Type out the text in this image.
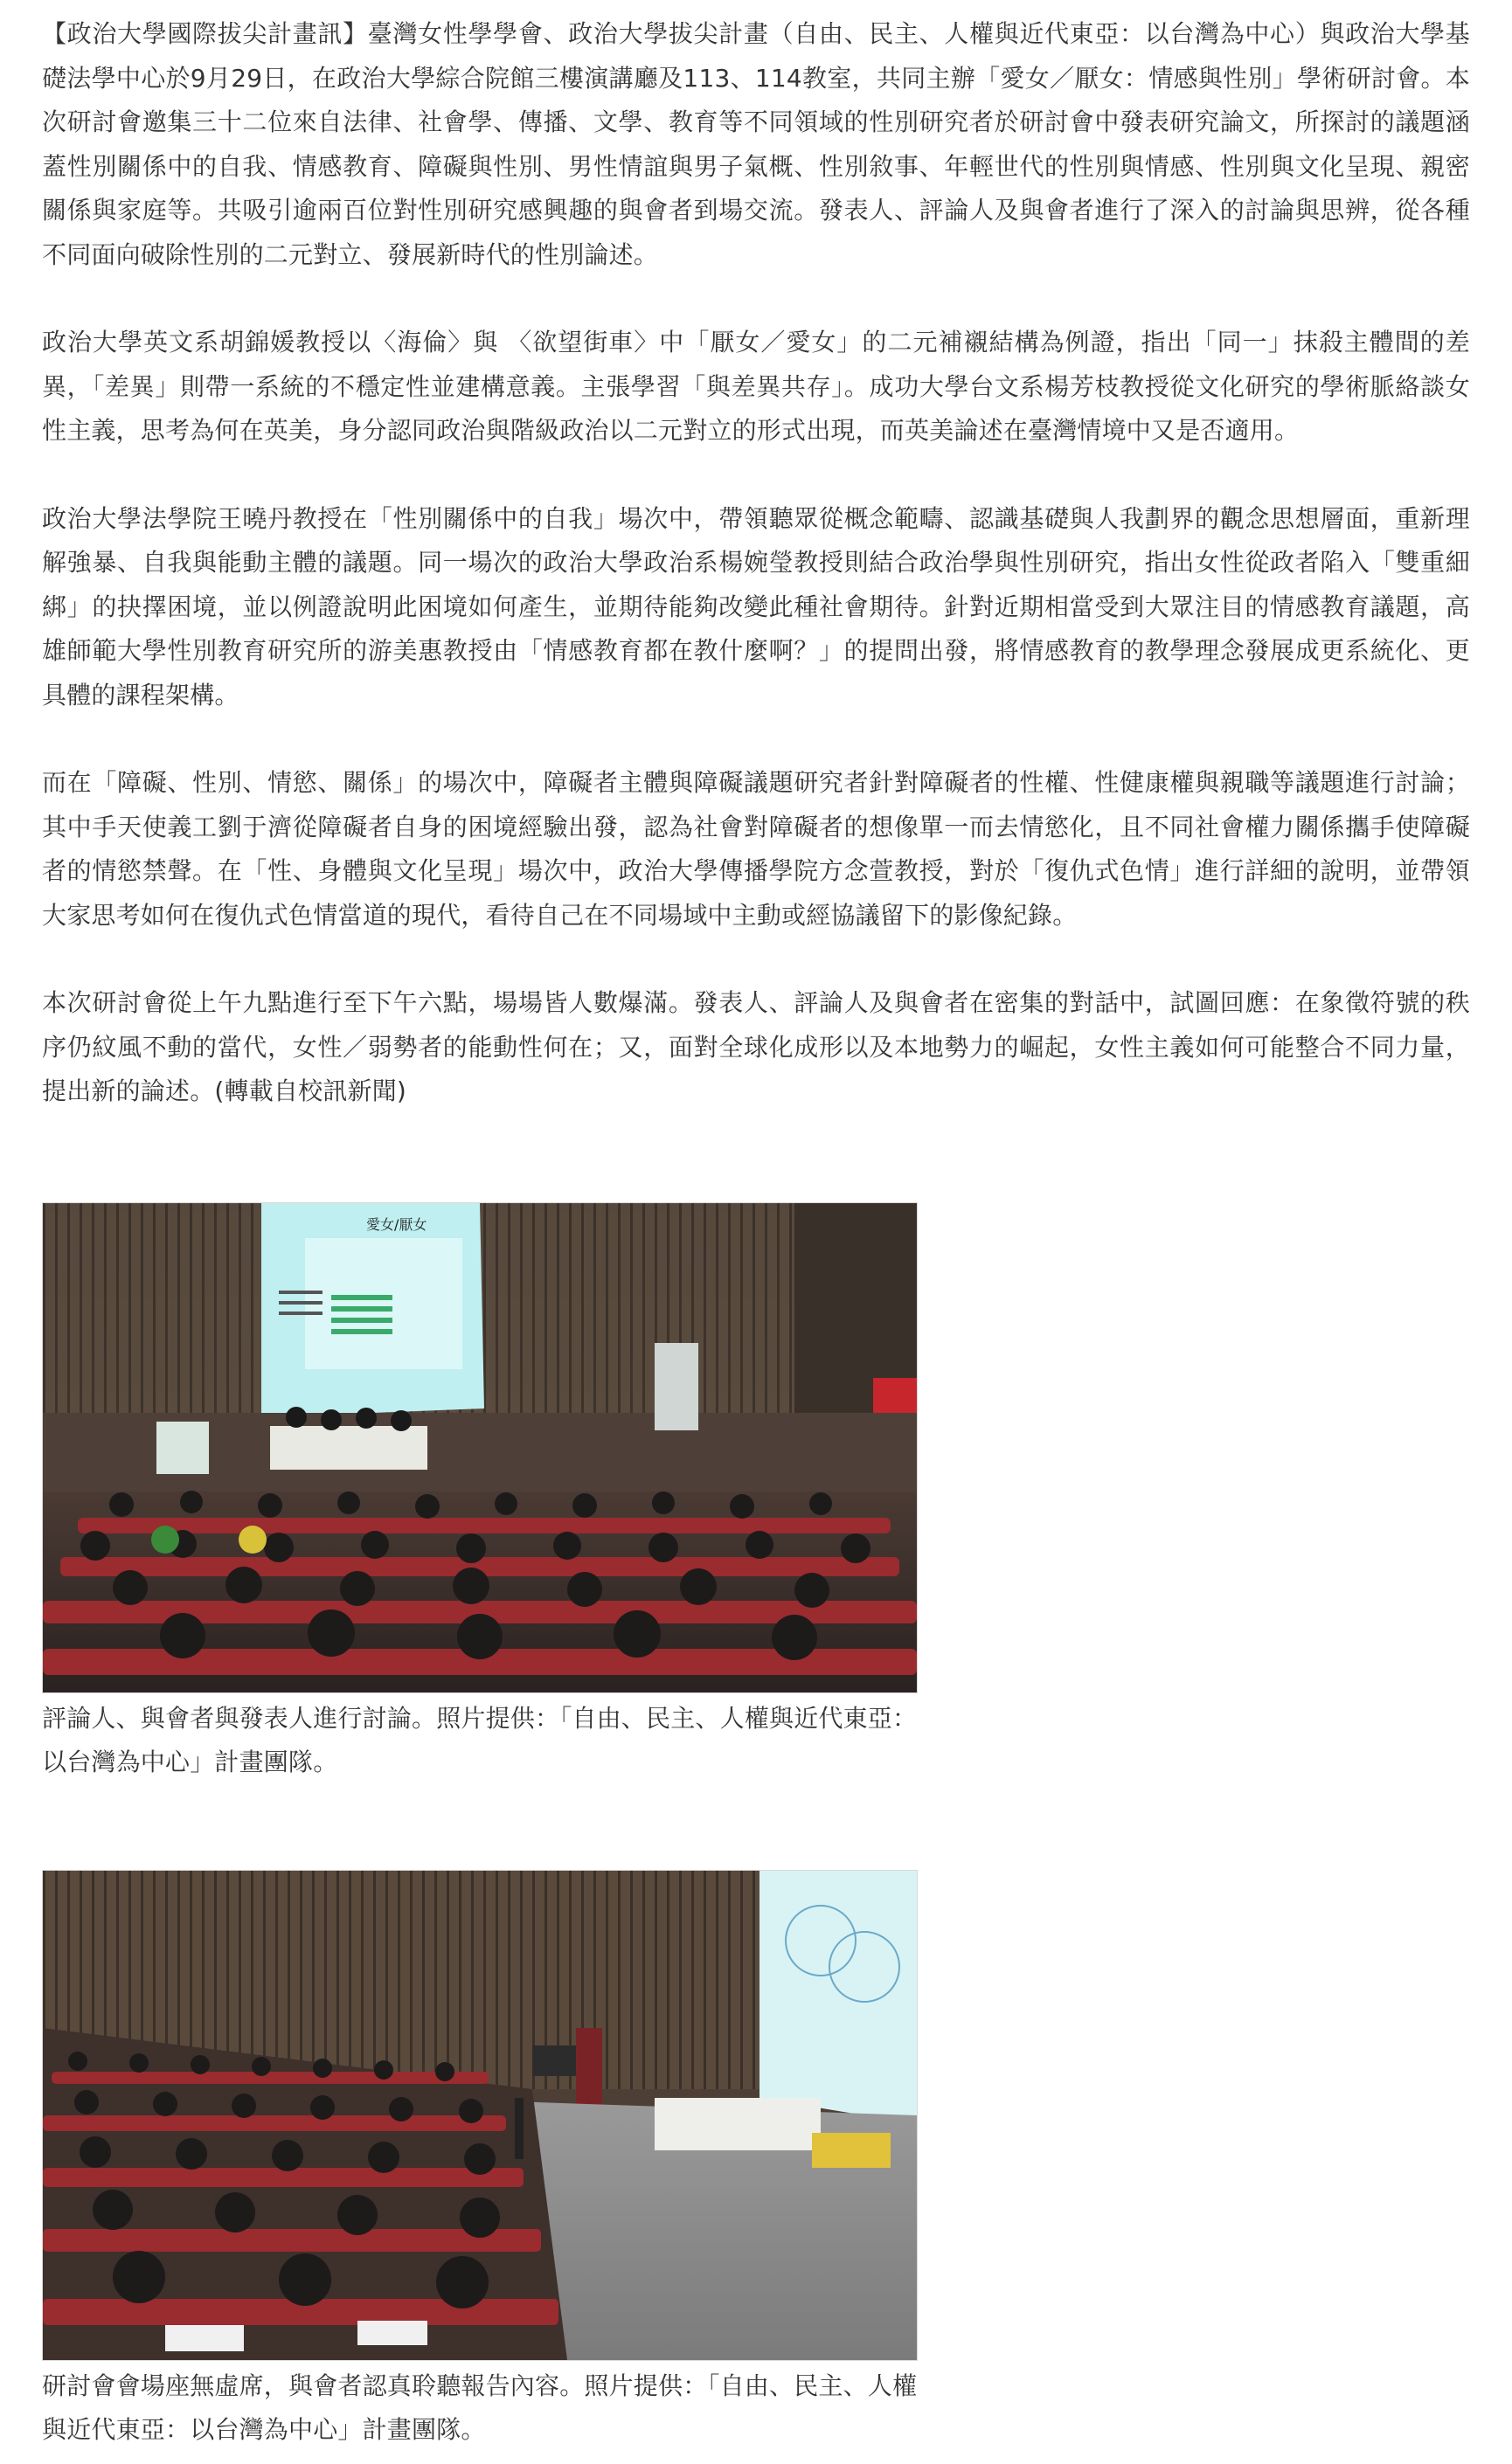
【政治大學國際拔尖計畫訊】臺灣女性學學會、政治大學拔尖計畫（自由、民主、人權與近代東亞：以台灣為中心）與政治大學基礎法學中心於9月29日，在政治大學綜合院館三樓演講廳及113、114教室，共同主辦「愛女／厭女：情感與性別」學術研討會。本次研討會邀集三十二位來自法律、社會學、傳播、文學、教育等不同領域的性別研究者於研討會中發表研究論文，所探討的議題涵蓋性別關係中的自我、情感教育、障礙與性別、男性情誼與男子氣概、性別敘事、年輕世代的性別與情感、性別與文化呈現、親密關係與家庭等。共吸引逾兩百位對性別研究感興趣的與會者到場交流。發表人、評論人及與會者進行了深入的討論與思辨，從各種不同面向破除性別的二元對立、發展新時代的性別論述。

政治大學英文系胡錦媛教授以〈海倫〉與 〈欲望街車〉中「厭女／愛女」的二元補襯結構為例證，指出「同一」抹殺主體間的差異，「差異」則帶一系統的不穩定性並建構意義。主張學習「與差異共存」。成功大學台文系楊芳枝教授從文化研究的學術脈絡談女性主義，思考為何在英美，身分認同政治與階級政治以二元對立的形式出現，而英美論述在臺灣情境中又是否適用。

政治大學法學院王曉丹教授在「性別關係中的自我」場次中，帶領聽眾從概念範疇、認識基礎與人我劃界的觀念思想層面，重新理解強暴、自我與能動主體的議題。同一場次的政治大學政治系楊婉瑩教授則結合政治學與性別研究，指出女性從政者陷入「雙重細綁」的抉擇困境，並以例證說明此困境如何產生，並期待能夠改變此種社會期待。針對近期相當受到大眾注目的情感教育議題，高雄師範大學性別教育研究所的游美惠教授由「情感教育都在教什麼啊？」的提問出發，將情感教育的教學理念發展成更系統化、更具體的課程架構。

而在「障礙、性別、情慾、關係」的場次中，障礙者主體與障礙議題研究者針對障礙者的性權、性健康權與親職等議題進行討論；其中手天使義工劉于濟從障礙者自身的困境經驗出發，認為社會對障礙者的想像單一而去情慾化，且不同社會權力關係攜手使障礙者的情慾禁聲。在「性、身體與文化呈現」場次中，政治大學傳播學院方念萱教授，對於「復仇式色情」進行詳細的說明，並帶領大家思考如何在復仇式色情當道的現代，看待自己在不同場域中主動或經協議留下的影像紀錄。

本次研討會從上午九點進行至下午六點，場場皆人數爆滿。發表人、評論人及與會者在密集的對話中，試圖回應：在象徵符號的秩序仍紋風不動的當代，女性／弱勢者的能動性何在；又，面對全球化成形以及本地勢力的崛起，女性主義如何可能整合不同力量，提出新的論述。(轉載自校訊新聞)

愛女/厭女
評論人、與會者與發表人進行討論。照片提供：「自由、民主、人權與近代東亞：以台灣為中心」計畫團隊。
研討會會場座無虛席，與會者認真聆聽報告內容。照片提供：「自由、民主、人權與近代東亞：以台灣為中心」計畫團隊。
